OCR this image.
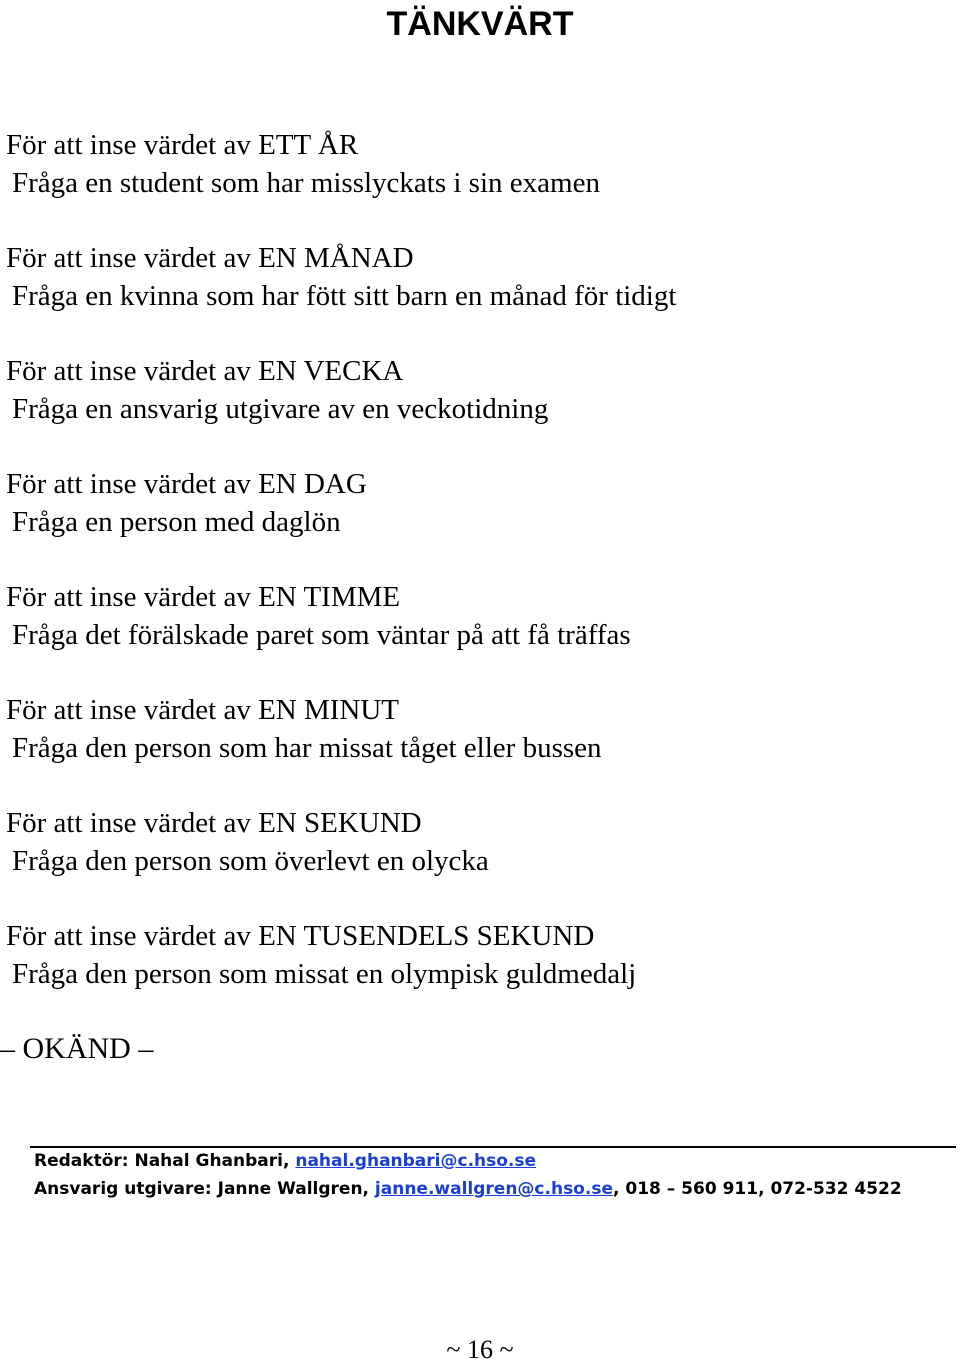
TÄNKVÄRT
För att inse värdet av ETT ÅR
Fråga en student som har misslyckats i sin examen
För att inse värdet av EN MÅNAD
Fråga en kvinna som har fött sitt barn en månad för tidigt
För att inse värdet av EN VECKA
Fråga en ansvarig utgivare av en veckotidning
För att inse värdet av EN DAG
Fråga en person med daglön
För att inse värdet av EN TIMME
Fråga det förälskade paret som väntar på att få träffas
För att inse värdet av EN MINUT
Fråga den person som har missat tåget eller bussen
För att inse värdet av EN SEKUND
Fråga den person som överlevt en olycka
För att inse värdet av EN TUSENDELS SEKUND
Fråga den person som missat en olympisk guldmedalj
– OKÄND –
Redaktör: Nahal Ghanbari, nahal.ghanbari@c.hso.se
Ansvarig utgivare: Janne Wallgren, janne.wallgren@c.hso.se, 018 – 560 911, 072-532 4522
~ 16 ~
